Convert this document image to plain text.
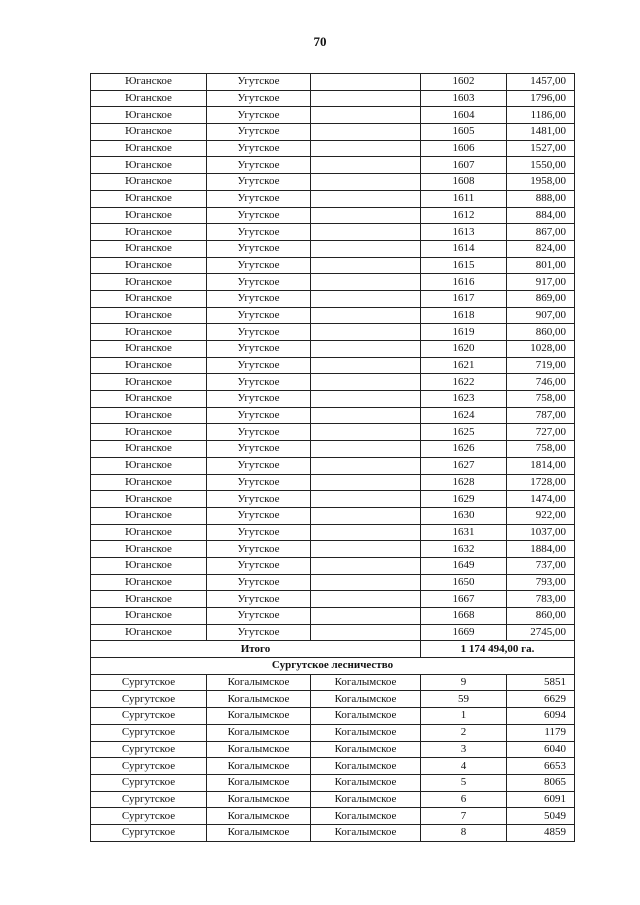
70
Юганское	Угутское		1602	1457,00
Юганское	Угутское		1603	1796,00
Юганское	Угутское		1604	1186,00
Юганское	Угутское		1605	1481,00
Юганское	Угутское		1606	1527,00
Юганское	Угутское		1607	1550,00
Юганское	Угутское		1608	1958,00
Юганское	Угутское		1611	888,00
Юганское	Угутское		1612	884,00
Юганское	Угутское		1613	867,00
Юганское	Угутское		1614	824,00
Юганское	Угутское		1615	801,00
Юганское	Угутское		1616	917,00
Юганское	Угутское		1617	869,00
Юганское	Угутское		1618	907,00
Юганское	Угутское		1619	860,00
Юганское	Угутское		1620	1028,00
Юганское	Угутское		1621	719,00
Юганское	Угутское		1622	746,00
Юганское	Угутское		1623	758,00
Юганское	Угутское		1624	787,00
Юганское	Угутское		1625	727,00
Юганское	Угутское		1626	758,00
Юганское	Угутское		1627	1814,00
Юганское	Угутское		1628	1728,00
Юганское	Угутское		1629	1474,00
Юганское	Угутское		1630	922,00
Юганское	Угутское		1631	1037,00
Юганское	Угутское		1632	1884,00
Юганское	Угутское		1649	737,00
Юганское	Угутское		1650	793,00
Юганское	Угутское		1667	783,00
Юганское	Угутское		1668	860,00
Юганское	Угутское		1669	2745,00
Итого			1 174 494,00 га.	
Сургутское лесничество				
Сургутское	Когалымское	Когалымское	9	5851
Сургутское	Когалымское	Когалымское	59	6629
Сургутское	Когалымское	Когалымское	1	6094
Сургутское	Когалымское	Когалымское	2	1179
Сургутское	Когалымское	Когалымское	3	6040
Сургутское	Когалымское	Когалымское	4	6653
Сургутское	Когалымское	Когалымское	5	8065
Сургутское	Когалымское	Когалымское	6	6091
Сургутское	Когалымское	Когалымское	7	5049
Сургутское	Когалымское	Когалымское	8	4859
